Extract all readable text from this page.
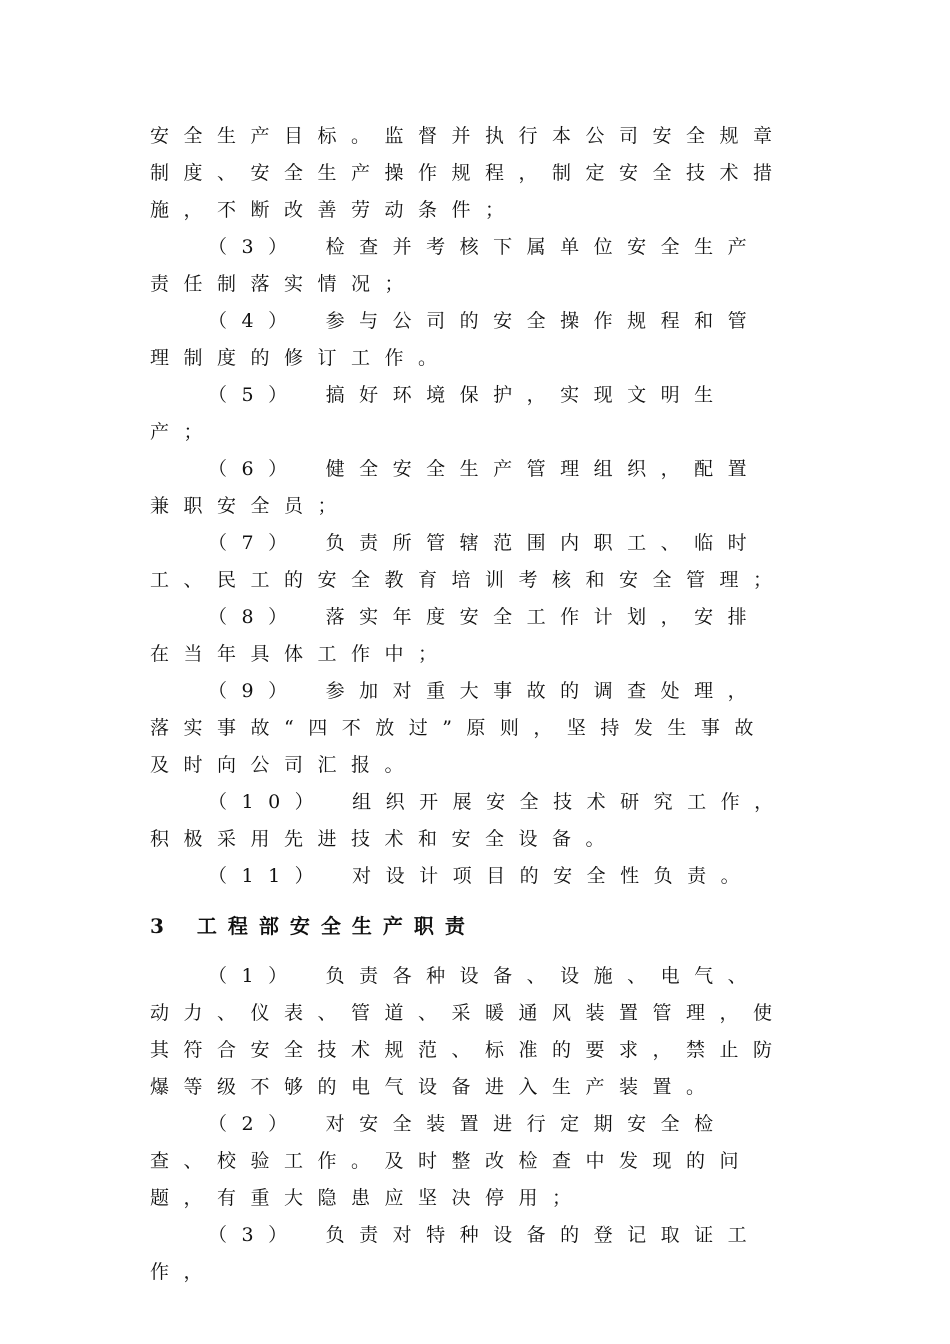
安全生产目标。监督并执行本公司安全规章制度、安全生产操作规程，制定安全技术措施，不断改善劳动条件；

（3）　检查并考核下属单位安全生产责任制落实情况；

（4）　参与公司的安全操作规程和管理制度的修订工作。

（5）　搞好环境保护，实现文明生产；

（6）　健全安全生产管理组织，配置兼职安全员；

（7）　负责所管辖范围内职工、临时工、民工的安全教育培训考核和安全管理；

（8）　落实年度安全工作计划，安排在当年具体工作中；

（9）　参加对重大事故的调查处理，落实事故“四不放过”原则，坚持发生事故及时向公司汇报。

（10）　组织开展安全技术研究工作，积极采用先进技术和安全设备。

（11）　对设计项目的安全性负责。

3 工程部安全生产职责

（1）　负责各种设备、设施、电气、动力、仪表、管道、采暖通风装置管理，使其符合安全技术规范、标准的要求，禁止防爆等级不够的电气设备进入生产装置。

（2）　对安全装置进行定期安全检查、校验工作。及时整改检查中发现的问题，有重大隐患应坚决停用；

（3）　负责对特种设备的登记取证工作，
